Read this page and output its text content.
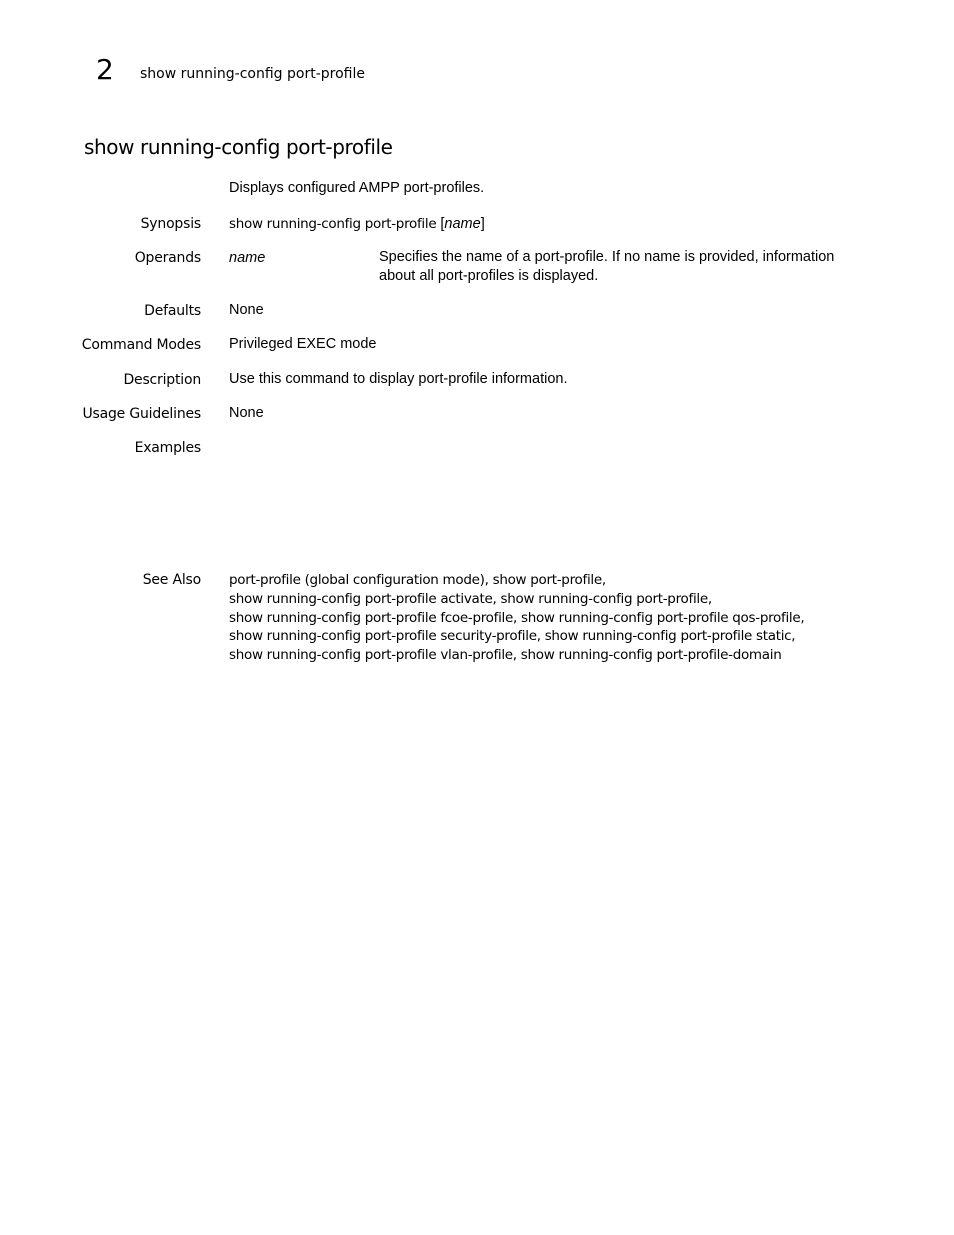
2 show running-config port-profile
show running-config port-profile
Displays configured AMPP port-profiles.
Synopsis show running-config port-profile [name]
Operands name	Specifies the name of a port-profile. If no name is provided, information about all port-profiles is displayed.
Defaults None
Command Modes Privileged EXEC mode
Description Use this command to display port-profile information.
Usage Guidelines None
Examples
See Also port-profile (global configuration mode), show port-profile,
show running-config port-profile activate, show running-config port-profile,
show running-config port-profile fcoe-profile, show running-config port-profile qos-profile,
show running-config port-profile security-profile, show running-config port-profile static,
show running-config port-profile vlan-profile, show running-config port-profile-domain
